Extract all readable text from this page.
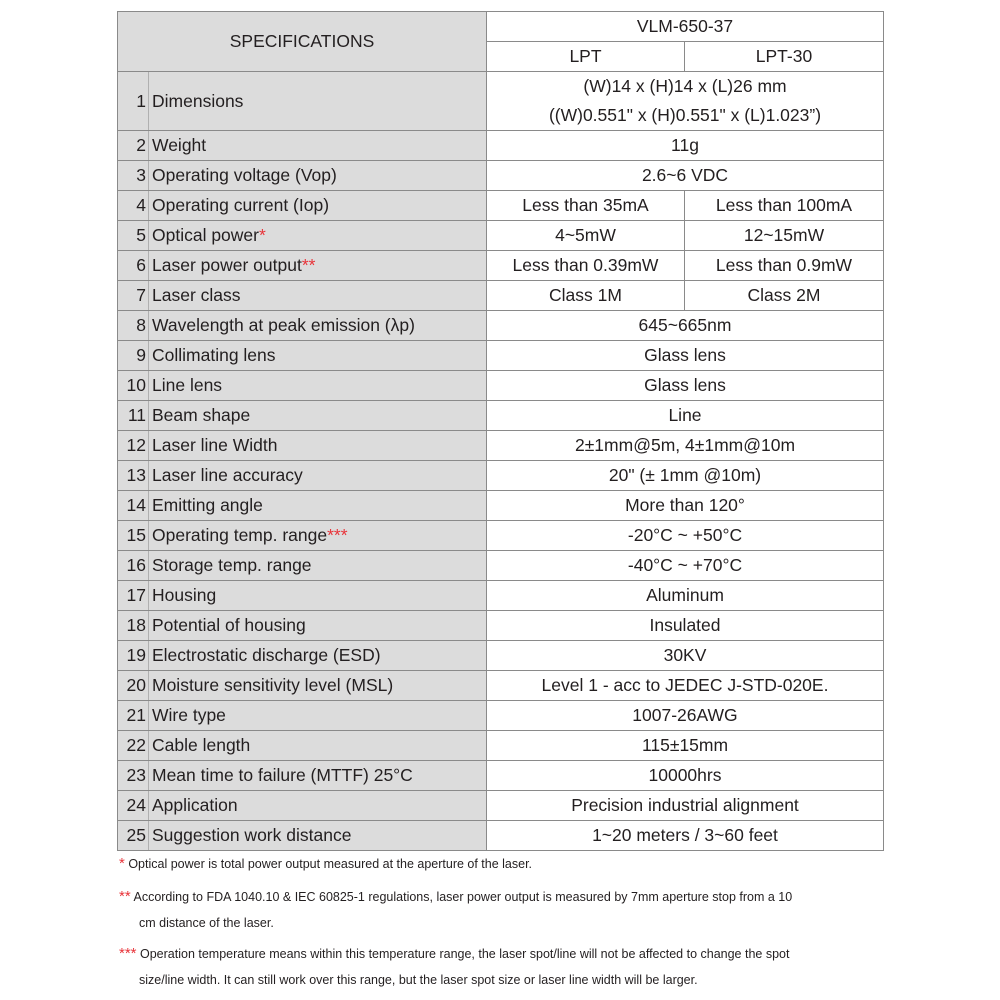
SPECIFICATIONS		VLM-650-37	
		LPT	LPT-30
1	Dimensions	(W)14 x (H)14 x (L)26 mm
((W)0.551" x (H)0.551" x (L)1.023”)	

2	Weight	11g	

3	Operating voltage (Vop)	2.6~6 VDC	

4	Operating current (Iop)	Less than 35mA	Less than 100mA
5	Optical power*	4~5mW	12~15mW
6	Laser power output**	Less than 0.39mW	Less than 0.9mW
7	Laser class	Class 1M	Class 2M
8	Wavelength at peak emission (λp)	645~665nm	

9	Collimating lens	Glass lens	

10	Line lens	Glass lens	

11	Beam shape	Line	

12	Laser line Width	2±1mm@5m, 4±1mm@10m	

13	Laser line accuracy	20" (± 1mm @10m)	

14	Emitting angle	More than 120°	

15	Operating temp. range***	-20°C ~ +50°C	

16	Storage temp. range	-40°C ~ +70°C	

17	Housing	Aluminum	

18	Potential of housing	Insulated	

19	Electrostatic discharge (ESD)	30KV	

20	Moisture sensitivity level (MSL)	Level 1 - acc to JEDEC J-STD-020E.	

21	Wire type	1007-26AWG	

22	Cable length	115±15mm	

23	Mean time to failure (MTTF) 25°C	10000hrs	

24	Application	Precision industrial alignment	

25	Suggestion work distance	1~20 meters / 3~60 feet	
* Optical power is total power output measured at the aperture of the laser.
** According to FDA 1040.10 & IEC 60825-1 regulations, laser power output is measured by 7mm aperture stop from a 10
cm distance of the laser.
*** Operation temperature means within this temperature range, the laser spot/line will not be affected to change the spot
size/line width. It can still work over this range, but the laser spot size or laser line width will be larger.
